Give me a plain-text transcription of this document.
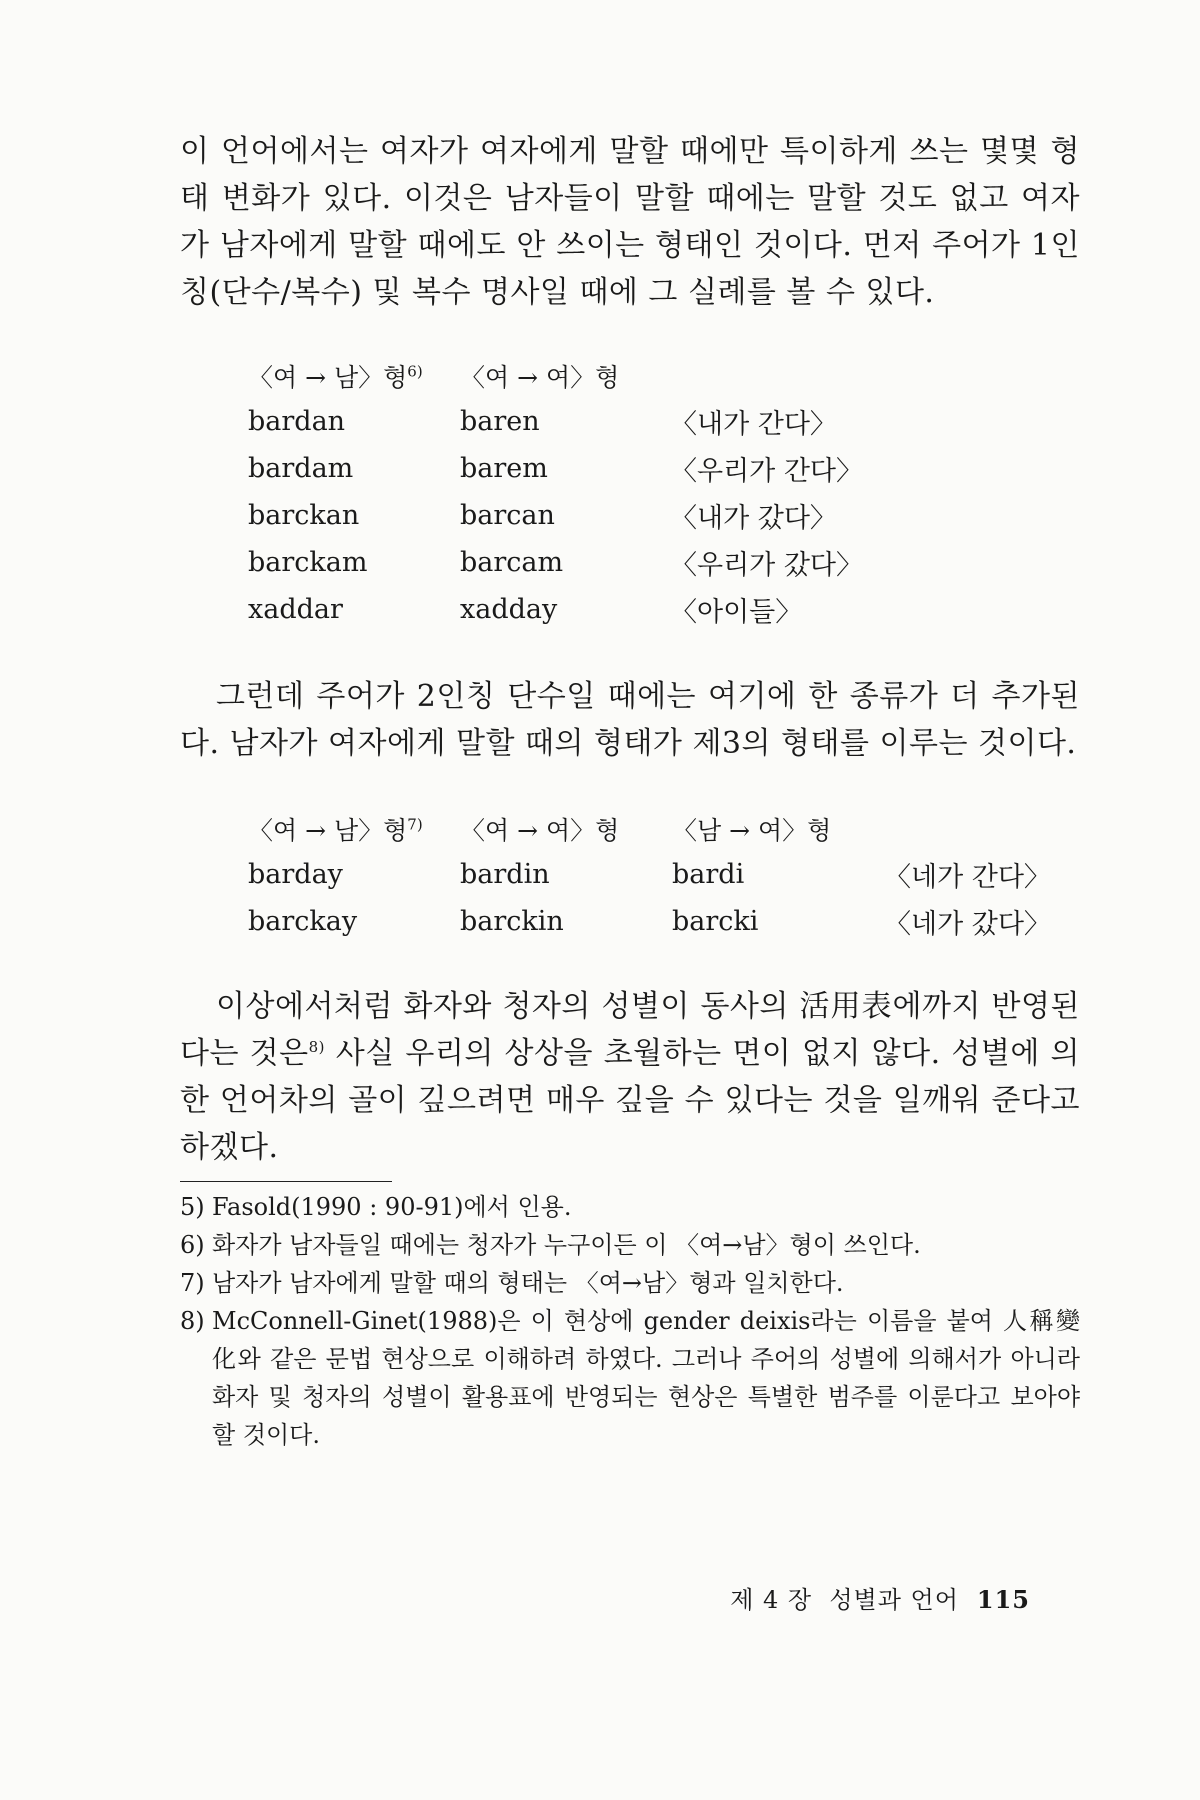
이 언어에서는 여자가 여자에게 말할 때에만 특이하게 쓰는 몇몇 형태 변화가 있다. 이것은 남자들이 말할 때에는 말할 것도 없고 여자가 남자에게 말할 때에도 안 쓰이는 형태인 것이다. 먼저 주어가 1인칭(단수/복수) 및 복수 명사일 때에 그 실례를 볼 수 있다.

〈여 → 남〉형$^{6)}$	〈여 → 여〉형	
bardan	baren	〈내가 간다〉
bardam	barem	〈우리가 간다〉
barckan	barcan	〈내가 갔다〉
barckam	barcam	〈우리가 갔다〉
xaddar	xadday	〈아이들〉

그런데 주어가 2인칭 단수일 때에는 여기에 한 종류가 더 추가된다. 남자가 여자에게 말할 때의 형태가 제3의 형태를 이루는 것이다.

〈여 → 남〉형$^{7)}$	〈여 → 여〉형	〈남 → 여〉형	
barday	bardin	bardi	〈네가 간다〉
barckay	barckin	barcki	〈네가 갔다〉

이상에서처럼 화자와 청자의 성별이 동사의 活用表에까지 반영된다는 것은$^{8)}$ 사실 우리의 상상을 초월하는 면이 없지 않다. 성별에 의한 언어차의 골이 깊으려면 매우 깊을 수 있다는 것을 일깨워 준다고 하겠다.

5) Fasold(1990 : 90-91)에서 인용.

6) 화자가 남자들일 때에는 청자가 누구이든 이 〈여→남〉형이 쓰인다.

7) 남자가 남자에게 말할 때의 형태는 〈여→남〉형과 일치한다.

8) McConnell-Ginet(1988)은 이 현상에 gender deixis라는 이름을 붙여 人稱變化와 같은 문법 현상으로 이해하려 하였다. 그러나 주어의 성별에 의해서가 아니라 화자 및 청자의 성별이 활용표에 반영되는 현상은 특별한 범주를 이룬다고 보아야 할 것이다.

제 4 장  성별과 언어 115
